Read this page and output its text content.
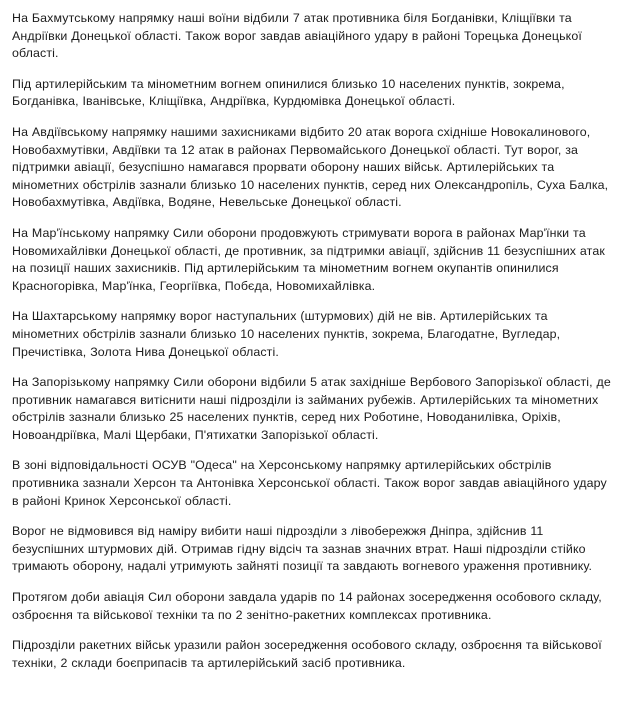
На Бахмутському напрямку наші воїни відбили 7 атак противника біля Богданівки, Кліщіївки та Андріївки Донецької області. Також ворог завдав авіаційного удару в районі Торецька Донецької області.

Під артилерійським та мінометним вогнем опинилися близько 10 населених пунктів, зокрема, Богданівка, Іванівське, Кліщіївка, Андріївка, Курдюмівка Донецької області.

На Авдіївському напрямку нашими захисниками відбито 20 атак ворога східніше Новокалинового, Новобахмутівки, Авдіївки та 12 атак в районах Первомайського Донецької області. Тут ворог, за підтримки авіації, безуспішно намагався прорвати оборону наших військ. Артилерійських та мінометних обстрілів зазнали близько 10 населених пунктів, серед них Олександропіль, Суха Балка, Новобахмутівка, Авдіївка, Водяне, Невельське Донецької області.

На Мар'їнському напрямку Сили оборони продовжують стримувати ворога в районах Мар'їнки та Новомихайлівки Донецької області, де противник, за підтримки авіації, здійснив 11 безуспішних атак на позиції наших захисників. Під артилерійським та мінометним вогнем окупантів опинилися Красногорівка, Мар'їнка, Георгіївка, Побєда, Новомихайлівка.

На Шахтарському напрямку ворог наступальних (штурмових) дій не вів. Артилерійських та мінометних обстрілів зазнали близько 10 населених пунктів, зокрема, Благодатне, Вугледар, Пречистівка, Золота Нива Донецької області.

На Запорізькому напрямку Сили оборони відбили 5 атак західніше Вербового Запорізької області, де противник намагався витіснити наші підрозділи із займаних рубежів. Артилерійських та мінометних обстрілів зазнали близько 25 населених пунктів, серед них Роботине, Новоданилівка, Оріхів, Новоандріївка, Малі Щербаки, П'ятихатки Запорізької області.

В зоні відповідальності ОСУВ "Одеса" на Херсонському напрямку артилерійських обстрілів противника зазнали Херсон та Антонівка Херсонської області. Також ворог завдав авіаційного удару в районі Кринок Херсонської області.

Ворог не відмовився від наміру вибити наші підрозділи з лівобережжя Дніпра, здійснив 11 безуспішних штурмових дій. Отримав гідну відсіч та зазнав значних втрат. Наші підрозділи стійко тримають оборону, надалі утримують зайняті позиції та завдають вогневого ураження противнику.

Протягом доби авіація Сил оборони завдала ударів по 14 районах зосередження особового складу, озброєння та військової техніки та по 2 зенітно-ракетних комплексах противника.

Підрозділи ракетних військ уразили район зосередження особового складу, озброєння та військової техніки, 2 склади боєприпасів та артилерійський засіб противника.
